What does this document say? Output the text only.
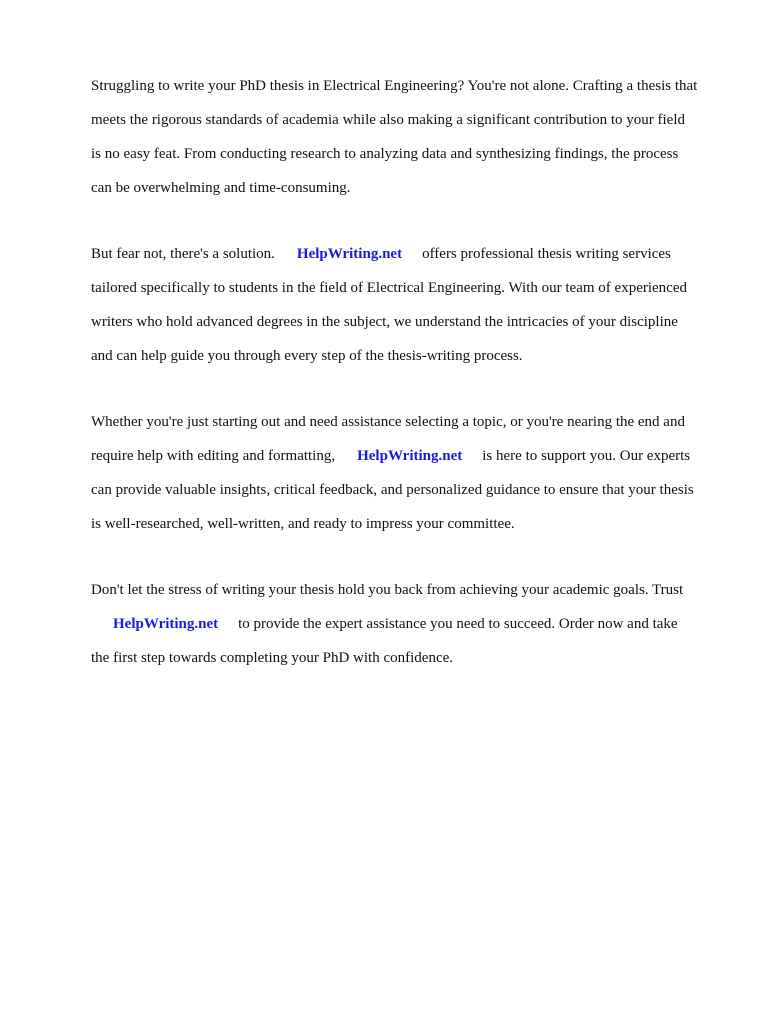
Struggling to write your PhD thesis in Electrical Engineering? You're not alone. Crafting a thesis that

meets the rigorous standards of academia while also making a significant contribution to your field

is no easy feat. From conducting research to analyzing data and synthesizing findings, the process

can be overwhelming and time-consuming.

But fear not, there's a solution. HelpWriting.net offers professional thesis writing services

tailored specifically to students in the field of Electrical Engineering. With our team of experienced

writers who hold advanced degrees in the subject, we understand the intricacies of your discipline

and can help guide you through every step of the thesis-writing process.

Whether you're just starting out and need assistance selecting a topic, or you're nearing the end and

require help with editing and formatting, HelpWriting.net is here to support you. Our experts

can provide valuable insights, critical feedback, and personalized guidance to ensure that your thesis

is well-researched, well-written, and ready to impress your committee.

Don't let the stress of writing your thesis hold you back from achieving your academic goals. Trust

HelpWriting.net to provide the expert assistance you need to succeed. Order now and take

the first step towards completing your PhD with confidence.
